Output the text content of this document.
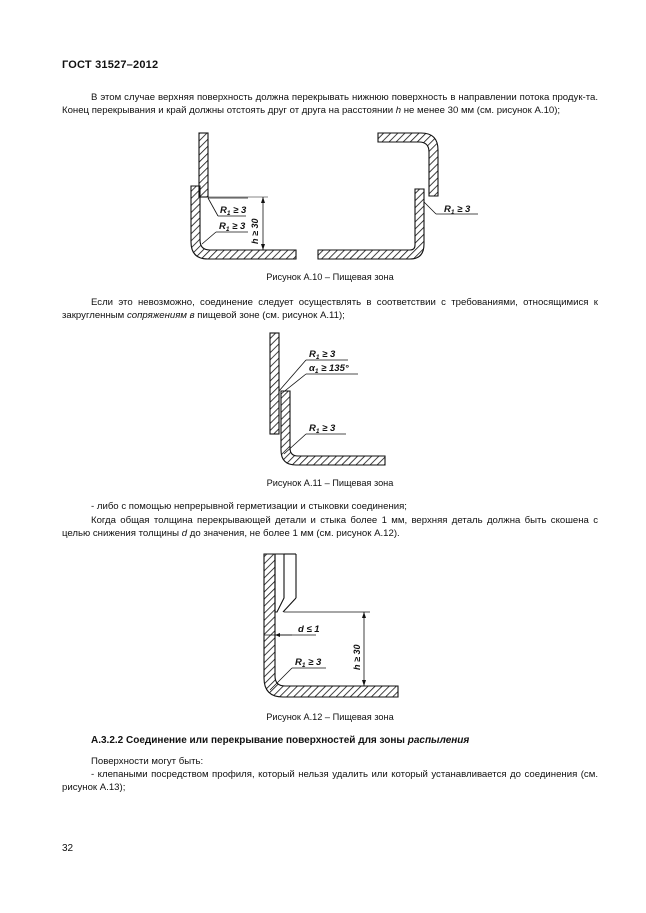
ГОСТ 31527–2012

В этом случае верхняя поверхность должна перекрывать нижнюю поверхность в направлении потока продук-та. Конец перекрывания и край должны отстоять друг от друга на расстоянии h не менее 30 мм (см. рисунок А.10);

$R_1 \ge 3$
$R_1 \ge 3$ h ≥ 30
$R_1 \ge 3$
Рисунок А.10 – Пищевая зона

Если это невозможно, соединение следует осуществлять в соответствии с требованиями, относящимися к закругленным сопряжениям в пищевой зоне (см. рисунок А.11);

$R_1 \ge 3$
$\alpha_1 \ge 135^\circ$
$R_1 \ge 3$
Рисунок А.11 – Пищевая зона

- либо с помощью непрерывной герметизации и стыковки соединения;

Когда общая толщина перекрывающей детали и стыка более 1 мм, верхняя деталь должна быть скошена с целью снижения толщины d до значения, не более 1 мм (см. рисунок А.12).

d ≤ 1
h ≥ 30
$R_1 \ge 3$
Рисунок А.12 – Пищевая зона
А.3.2.2 Соединение или перекрывание поверхностей для зоны распыления

Поверхности могут быть:

- клепаными посредством профиля, который нельзя удалить или который устанавливается до соединения (см. рисунок А.13);

32
